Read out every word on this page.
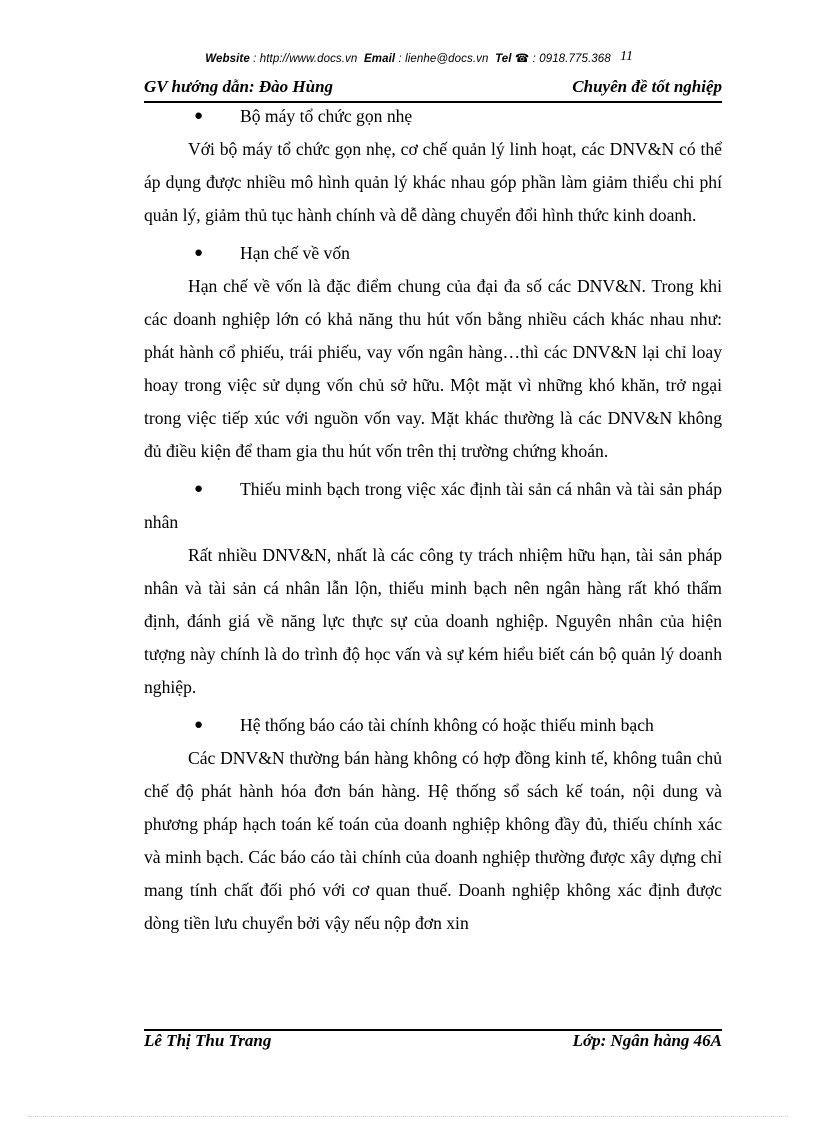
Website : http://www.docs.vn Email : lienhe@docs.vn Tel ☎ : 0918.775.368 11
GV hướng dẫn: Đào Hùng	Chuyên đề tốt nghiệp

● Bộ máy tổ chức gọn nhẹ

Với bộ máy tổ chức gọn nhẹ, cơ chế quản lý linh hoạt, các DNV&N có thể áp dụng được nhiều mô hình quản lý khác nhau góp phần làm giảm thiểu chi phí quản lý, giảm thủ tục hành chính và dễ dàng chuyển đổi hình thức kinh doanh.

● Hạn chế về vốn

Hạn chế về vốn là đặc điểm chung của đại đa số các DNV&N. Trong khi các doanh nghiệp lớn có khả năng thu hút vốn bằng nhiều cách khác nhau như: phát hành cổ phiếu, trái phiếu, vay vốn ngân hàng…thì các DNV&N lại chỉ loay hoay trong việc sử dụng vốn chủ sở hữu. Một mặt vì những khó khăn, trở ngại trong việc tiếp xúc với nguồn vốn vay. Mặt khác thường là các DNV&N không đủ điều kiện để tham gia thu hút vốn trên thị trường chứng khoán.

● Thiếu minh bạch trong việc xác định tài sản cá nhân và tài sản pháp nhân

Rất nhiều DNV&N, nhất là các công ty trách nhiệm hữu hạn, tài sản pháp nhân và tài sản cá nhân lẫn lộn, thiếu minh bạch nên ngân hàng rất khó thẩm định, đánh giá về năng lực thực sự của doanh nghiệp. Nguyên nhân của hiện tượng này chính là do trình độ học vấn và sự kém hiểu biết cán bộ quản lý doanh nghiệp.

● Hệ thống báo cáo tài chính không có hoặc thiếu minh bạch

Các DNV&N thường bán hàng không có hợp đồng kinh tế, không tuân chủ chế độ phát hành hóa đơn bán hàng. Hệ thống sổ sách kế toán, nội dung và phương pháp hạch toán kế toán của doanh nghiệp không đầy đủ, thiếu chính xác và minh bạch. Các báo cáo tài chính của doanh nghiệp thường được xây dựng chỉ mang tính chất đối phó với cơ quan thuế. Doanh nghiệp không xác định được dòng tiền lưu chuyển bởi vậy nếu nộp đơn xin

Lê Thị Thu Trang	Lớp: Ngân hàng 46A
